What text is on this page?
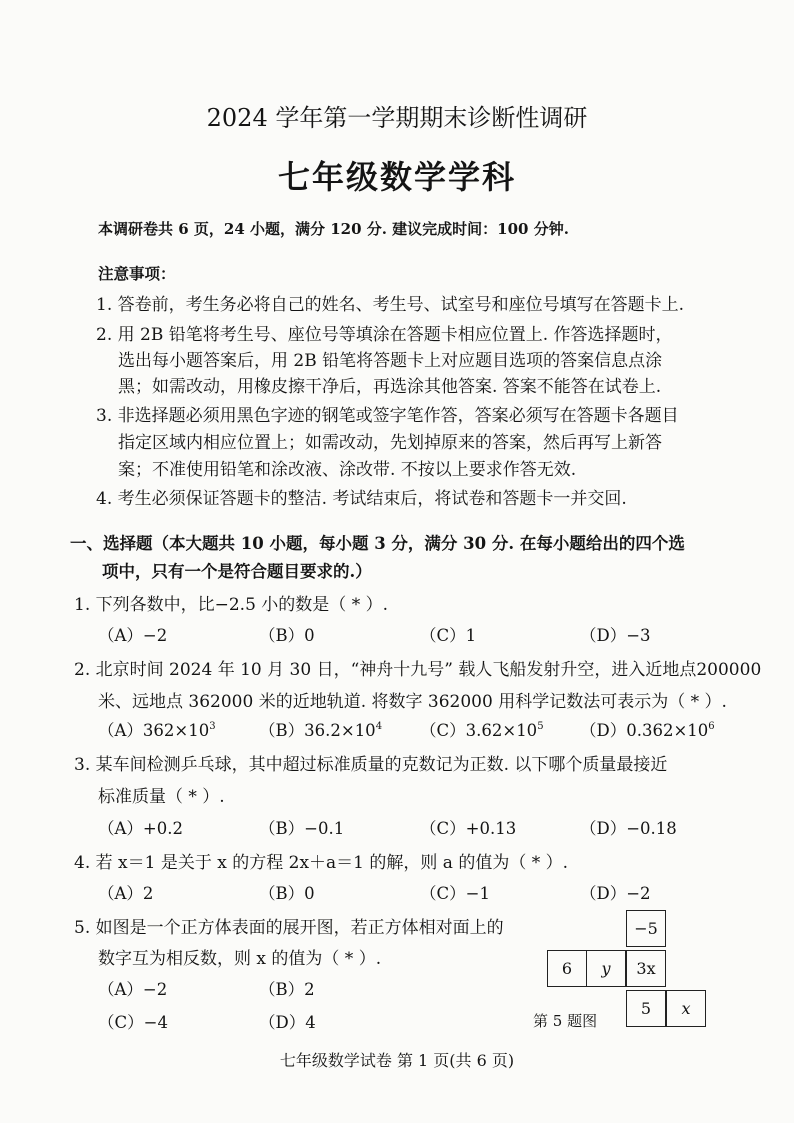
2024 学年第一学期期末诊断性调研
七年级数学学科
本调研卷共 6 页，24 小题，满分 120 分. 建议完成时间：100 分钟.
注意事项：
1. 答卷前，考生务必将自己的姓名、考生号、试室号和座位号填写在答题卡上.
2. 用 2B 铅笔将考生号、座位号等填涂在答题卡相应位置上. 作答选择题时，
选出每小题答案后，用 2B 铅笔将答题卡上对应题目选项的答案信息点涂
黑；如需改动，用橡皮擦干净后，再选涂其他答案. 答案不能答在试卷上.
3. 非选择题必须用黑色字迹的钢笔或签字笔作答，答案必须写在答题卡各题目
指定区域内相应位置上；如需改动，先划掉原来的答案，然后再写上新答
案；不准使用铅笔和涂改液、涂改带. 不按以上要求作答无效.
4. 考生必须保证答题卡的整洁. 考试结束后，将试卷和答题卡一并交回.
一、选择题（本大题共 10 小题，每小题 3 分，满分 30 分. 在每小题给出的四个选
项中，只有一个是符合题目要求的.）
1. 下列各数中，比−2.5 小的数是（ * ）.
（A）−2	（B）0	（C）1	（D）−3
2. 北京时间 2024 年 10 月 30 日，“神舟十九号” 载人飞船发射升空，进入近地点200000
米、远地点 362000 米的近地轨道. 将数字 362000 用科学记数法可表示为（ * ）.
$(A)362\times 10^3$	$(B)36.2\times 10^4$ $(C)3.62\times 10^5$ $(D)0.362\times 10^6$
3. 某车间检测乒乓球，其中超过标准质量的克数记为正数. 以下哪个质量最接近
标准质量（ * ）.
（A）+0.2	（B）−0.1	（C）+0.13	（D）−0.18
4. 若 x＝1 是关于 x 的方程 2x＋a＝1 的解，则 a 的值为（ * ）.
（A）2	（B）0	（C）−1	（D）−2
5. 如图是一个正方体表面的展开图，若正方体相对面上的
数字互为相反数，则 x 的值为（ * ）.
（A）−2	（B）2
（C）−4	（D）4
−5
6	y	3x
5	x
第 5 题图
七年级数学试卷 第 1 页(共 6 页)
